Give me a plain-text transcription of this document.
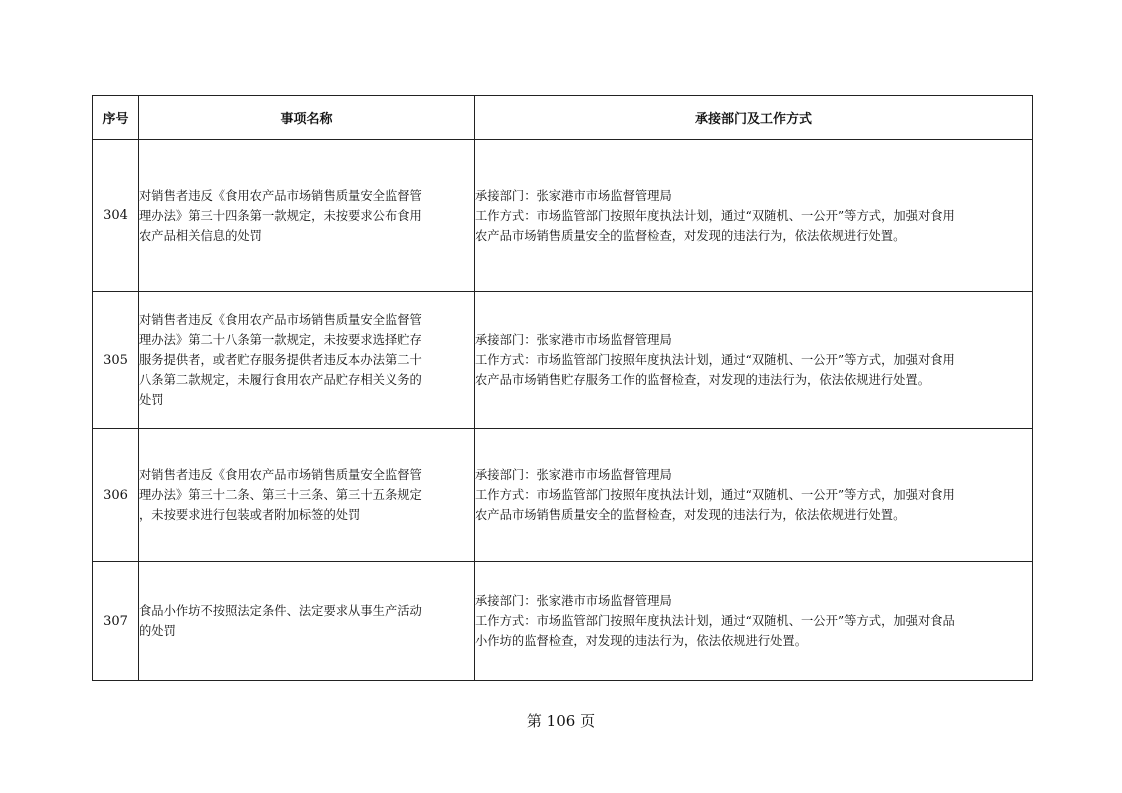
序号	事项名称	承接部门及工作方式
304	对销售者违反《食用农产品市场销售质量安全监督管
理办法》第三十四条第一款规定，未按要求公布食用
农产品相关信息的处罚	承接部门：张家港市市场监督管理局
工作方式：市场监管部门按照年度执法计划，通过“双随机、一公开”等方式，加强对食用
农产品市场销售质量安全的监督检查，对发现的违法行为，依法依规进行处置。

305	对销售者违反《食用农产品市场销售质量安全监督管
理办法》第二十八条第一款规定，未按要求选择贮存
服务提供者，或者贮存服务提供者违反本办法第二十
八条第二款规定，未履行食用农产品贮存相关义务的
处罚	承接部门：张家港市市场监督管理局
工作方式：市场监管部门按照年度执法计划，通过“双随机、一公开”等方式，加强对食用
农产品市场销售贮存服务工作的监督检查，对发现的违法行为，依法依规进行处置。

306	对销售者违反《食用农产品市场销售质量安全监督管
理办法》第三十二条、第三十三条、第三十五条规定
，未按要求进行包装或者附加标签的处罚	承接部门：张家港市市场监督管理局
工作方式：市场监管部门按照年度执法计划，通过“双随机、一公开”等方式，加强对食用
农产品市场销售质量安全的监督检查，对发现的违法行为，依法依规进行处置。

307	食品小作坊不按照法定条件、法定要求从事生产活动
的处罚	承接部门：张家港市市场监督管理局
工作方式：市场监管部门按照年度执法计划，通过“双随机、一公开”等方式，加强对食品
小作坊的监督检查，对发现的违法行为，依法依规进行处置。
第 106 页
